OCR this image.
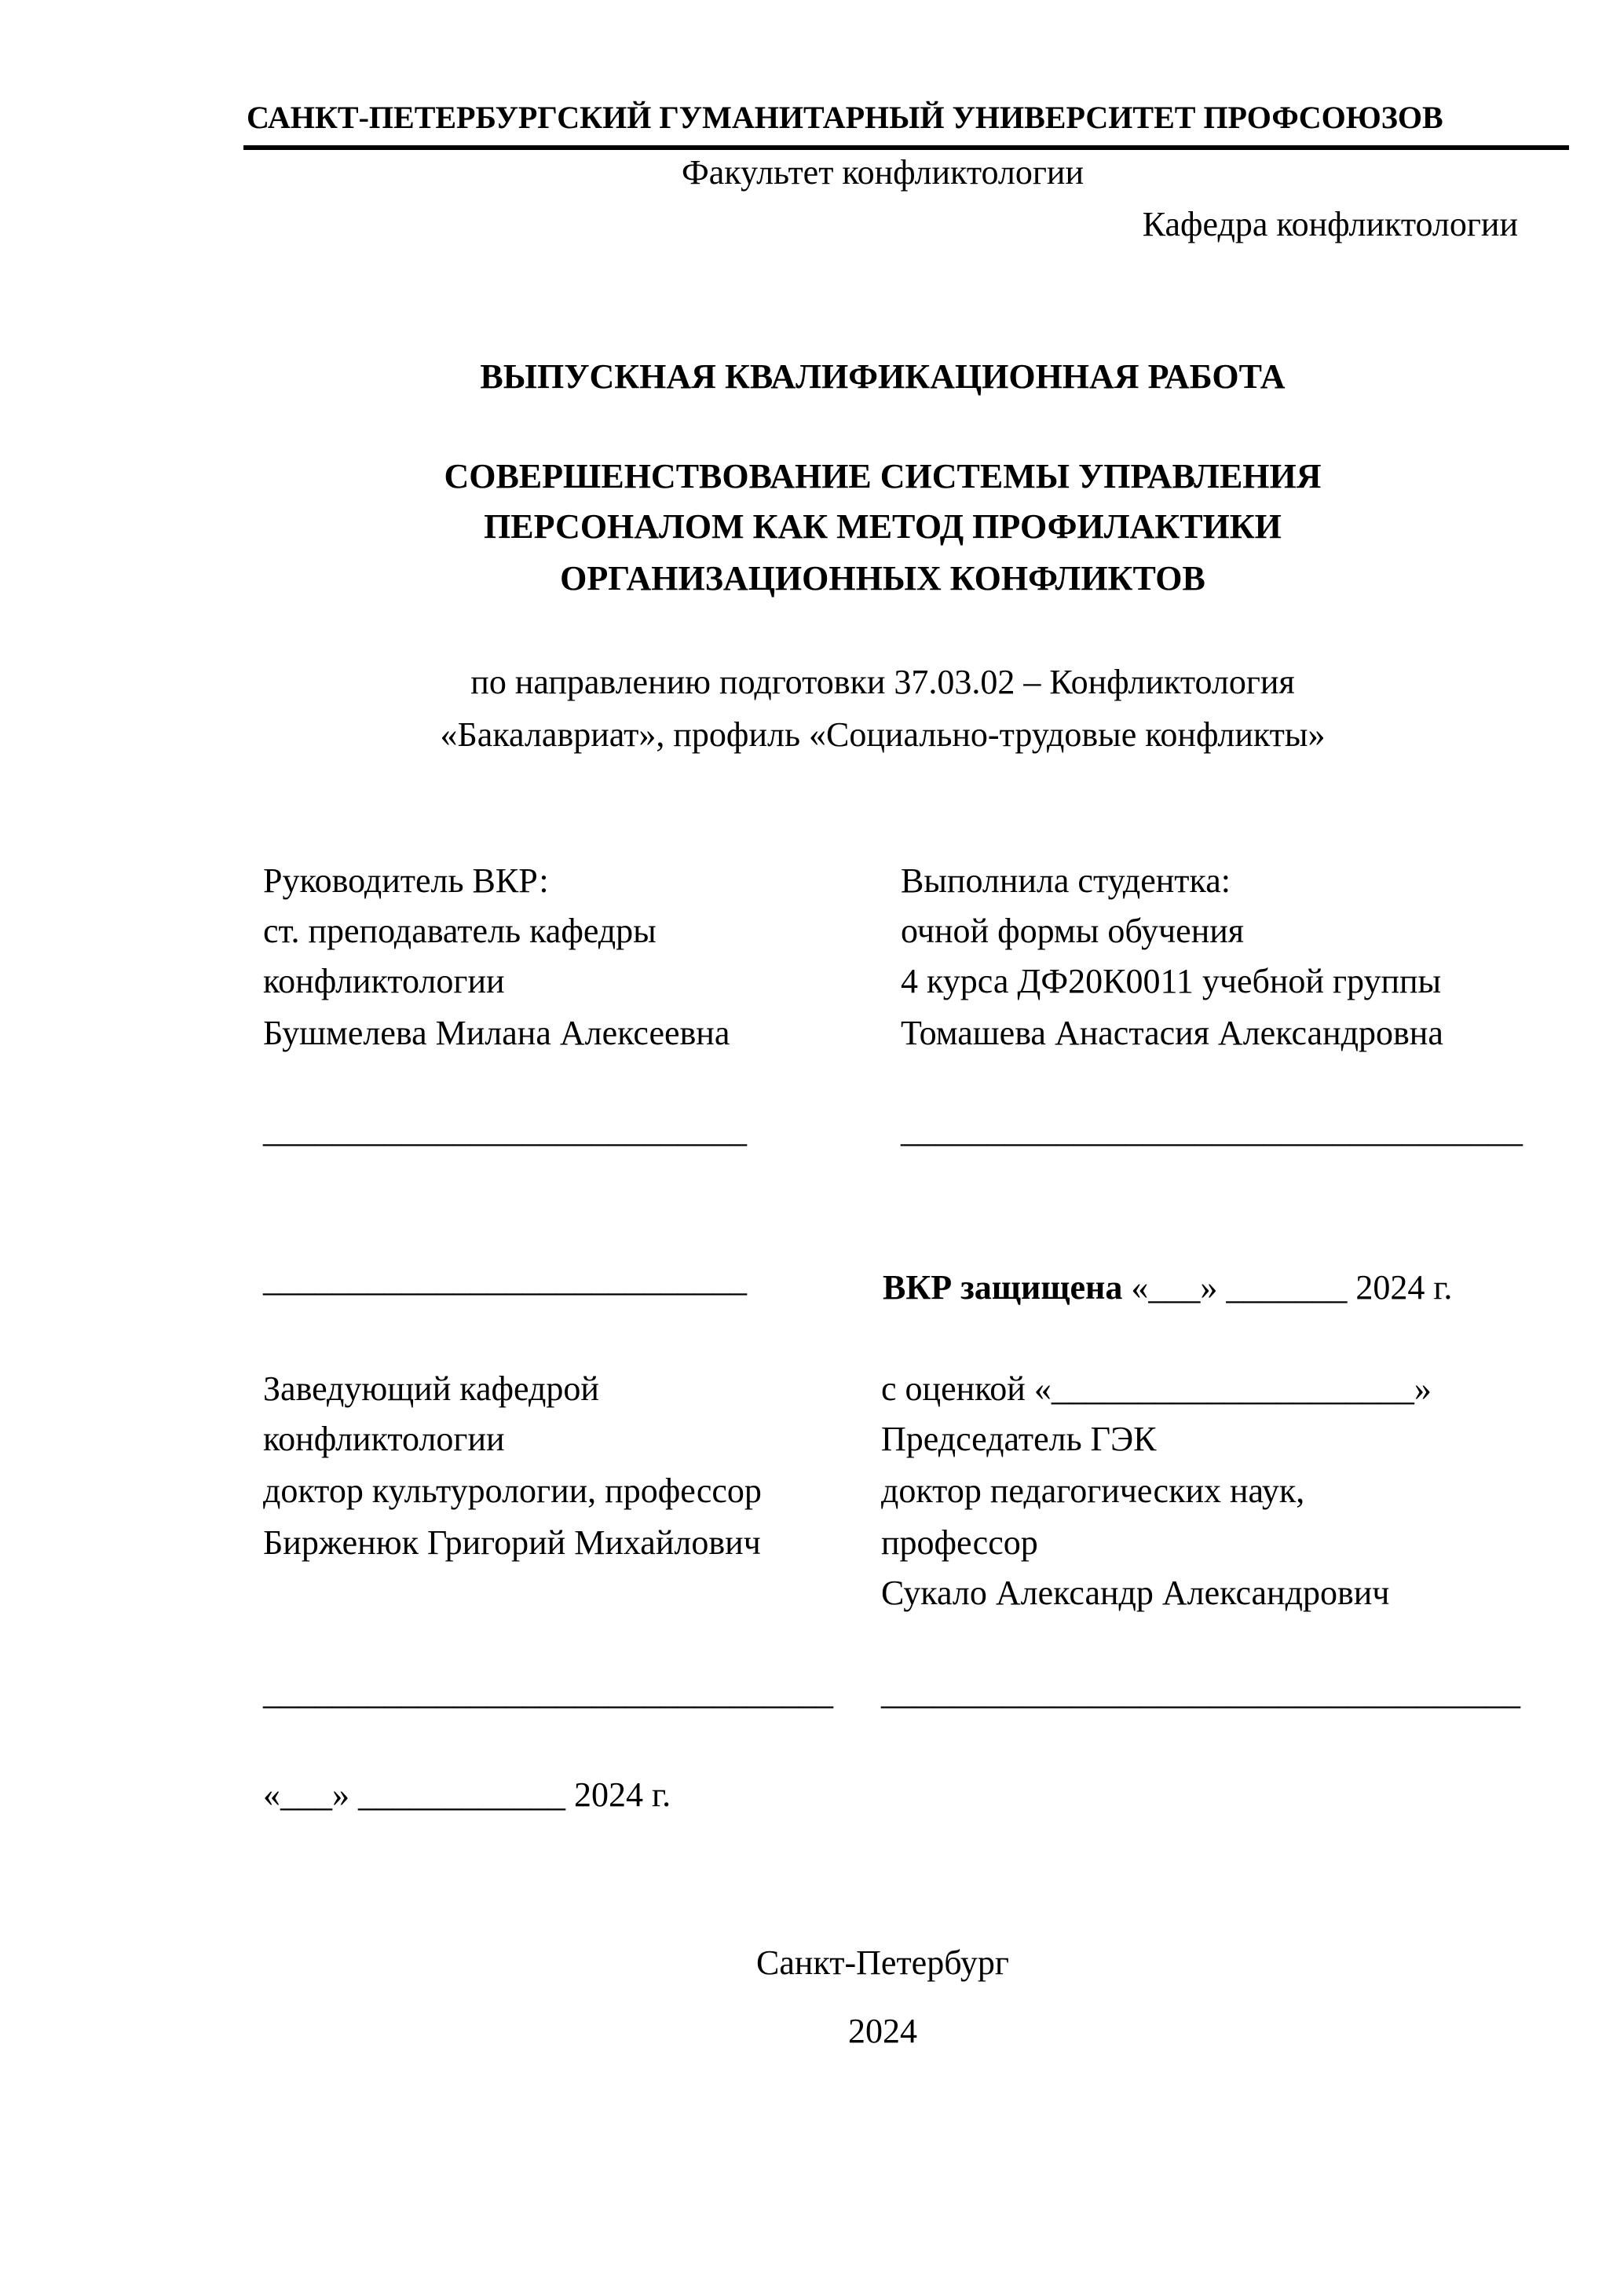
САНКТ-ПЕТЕРБУРГСКИЙ ГУМАНИТАРНЫЙ УНИВЕРСИТЕТ ПРОФСОЮЗОВ
Факультет конфликтологии
Кафедра конфликтологии
ВЫПУСКНАЯ КВАЛИФИКАЦИОННАЯ РАБОТА
СОВЕРШЕНСТВОВАНИЕ СИСТЕМЫ УПРАВЛЕНИЯ
ПЕРСОНАЛОМ КАК МЕТОД ПРОФИЛАКТИКИ
ОРГАНИЗАЦИОННЫХ КОНФЛИКТОВ
по направлению подготовки 37.03.02 – Конфликтология
«Бакалавриат», профиль «Социально-трудовые конфликты»
Руководитель ВКР:
ст. преподаватель кафедры
конфликтологии
Бушмелева Милана Алексеевна
Выполнила студентка:
очной формы обучения
4 курса ДФ20К0011 учебной группы
Томашева Анастасия Александровна
____________________________	____________________________________
____________________________	ВКР защищена «___» _______ 2024 г.
Заведующий кафедрой
конфликтологии
доктор культурологии, профессор
Бирженюк Григорий Михайлович
с оценкой «_____________________»
Председатель ГЭК
доктор педагогических наук,
профессор
Сукало Александр Александрович
_________________________________ _____________________________________
«___» ____________ 2024 г.
Санкт-Петербург
2024
